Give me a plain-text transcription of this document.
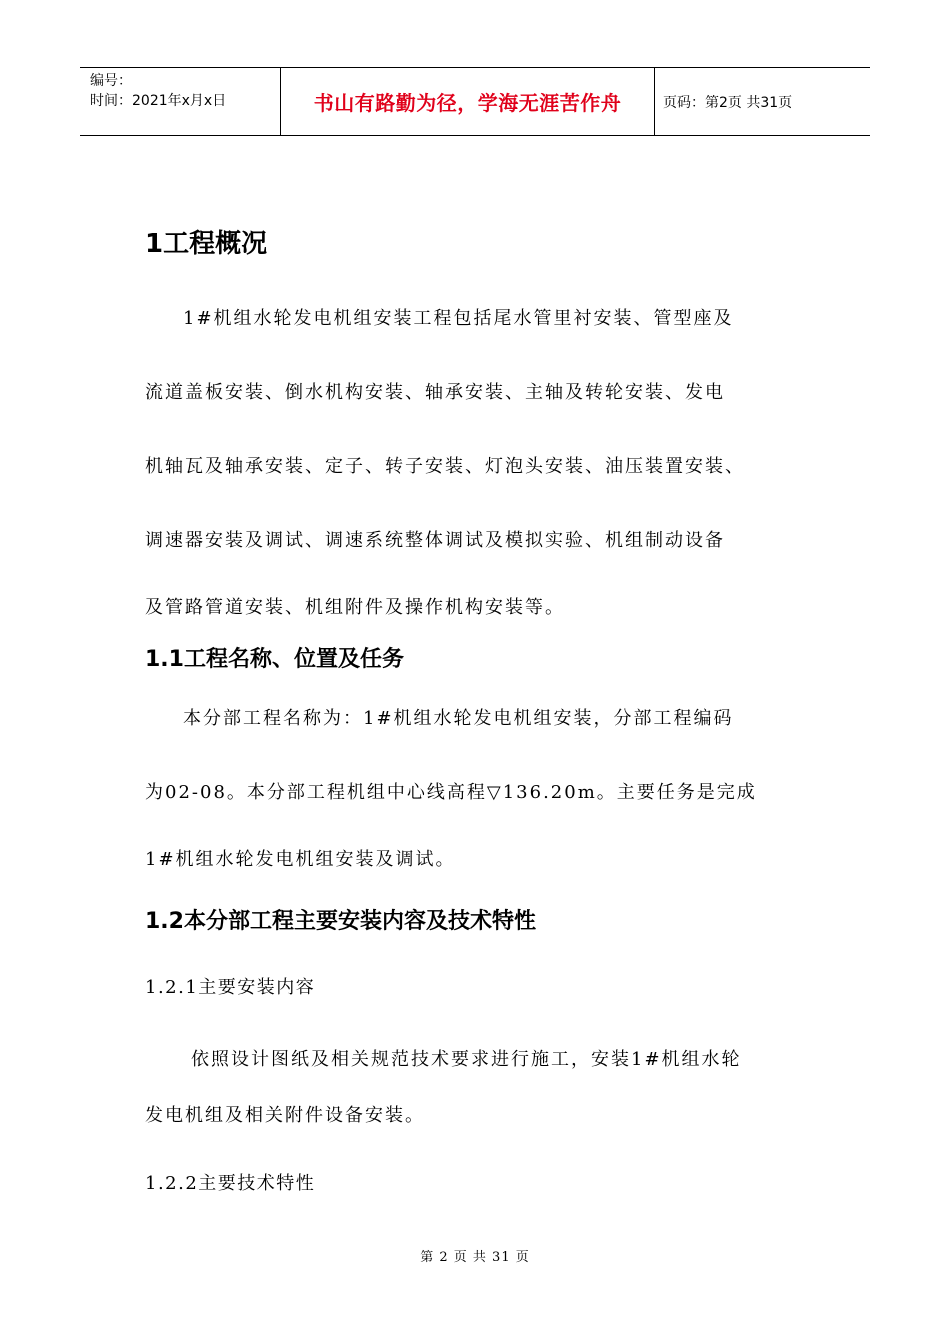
编号：
时间：2021年x月x日	书山有路勤为径，学海无涯苦作舟	页码：第2页 共31页
1工程概况

1#机组水轮发电机组安装工程包括尾水管里衬安装、管型座及

流道盖板安装、倒水机构安装、轴承安装、主轴及转轮安装、发电

机轴瓦及轴承安装、定子、转子安装、灯泡头安装、油压装置安装、

调速器安装及调试、调速系统整体调试及模拟实验、机组制动设备

及管路管道安装、机组附件及操作机构安装等。

1.1工程名称、位置及任务

本分部工程名称为：1#机组水轮发电机组安装，分部工程编码

为02-08。本分部工程机组中心线高程▽136.20m。主要任务是完成

1#机组水轮发电机组安装及调试。

1.2本分部工程主要安装内容及技术特性

1.2.1主要安装内容

依照设计图纸及相关规范技术要求进行施工，安装1#机组水轮

发电机组及相关附件设备安装。

1.2.2主要技术特性

第 2 页 共 31 页
